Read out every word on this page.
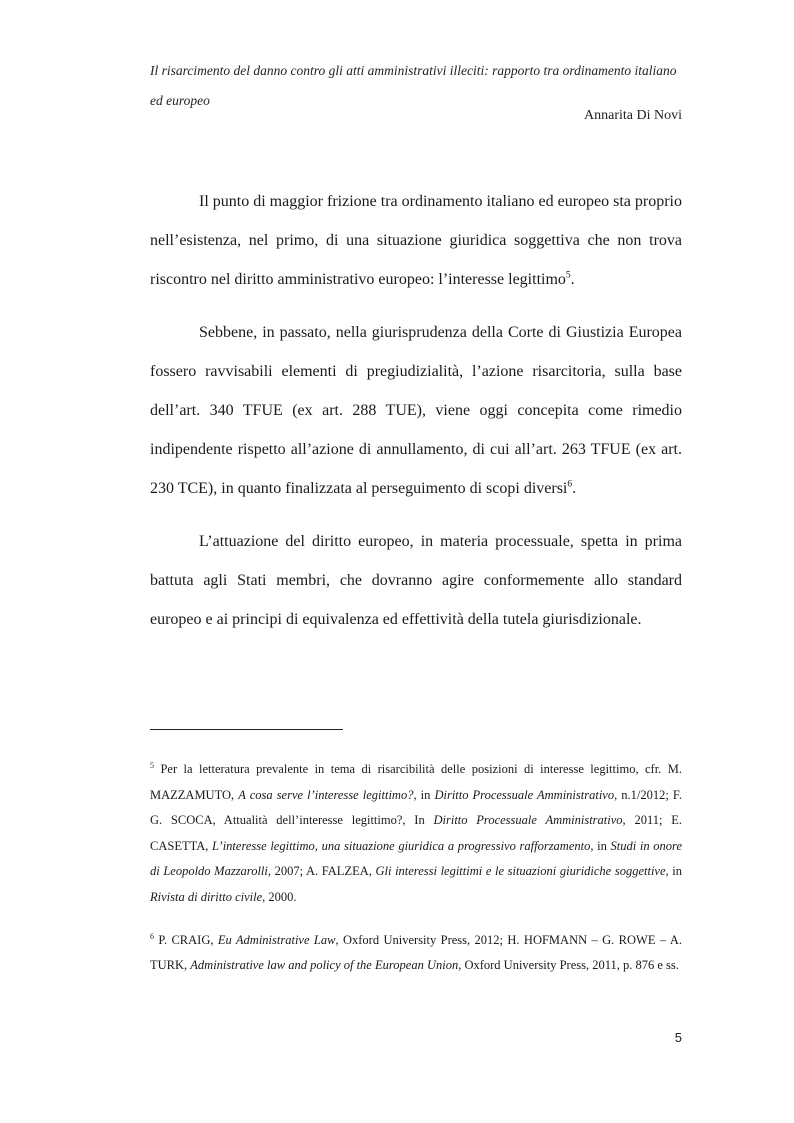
Il risarcimento del danno contro gli atti amministrativi illeciti: rapporto tra ordinamento italiano ed europeo
Annarita Di Novi

Il punto di maggior frizione tra ordinamento italiano ed europeo sta proprio nell’esistenza, nel primo, di una situazione giuridica soggettiva che non trova riscontro nel diritto amministrativo europeo: l’interesse legittimo$^5$.

Sebbene, in passato, nella giurisprudenza della Corte di Giustizia Europea fossero ravvisabili elementi di pregiudizialità, l’azione risarcitoria, sulla base dell’art. 340 TFUE (ex art. 288 TUE), viene oggi concepita come rimedio indipendente rispetto all’azione di annullamento, di cui all’art. 263 TFUE (ex art. 230 TCE), in quanto finalizzata al perseguimento di scopi diversi$^6$.

L’attuazione del diritto europeo, in materia processuale, spetta in prima battuta agli Stati membri, che dovranno agire conformemente allo standard europeo e ai principi di equivalenza ed effettività della tutela giurisdizionale.

$^5$ Per la letteratura prevalente in tema di risarcibilità delle posizioni di interesse legittimo, cfr. M. MAZZAMUTO, A cosa serve l’interesse legittimo?, in Diritto Processuale Amministrativo, n.1/2012; F. G. SCOCA, Attualità dell’interesse legittimo?, In Diritto Processuale Amministrativo, 2011; E. CASETTA, L’interesse legittimo, una situazione giuridica a progressivo rafforzamento, in Studi in onore di Leopoldo Mazzarolli, 2007; A. FALZEA, Gli interessi legittimi e le situazioni giuridiche soggettive, in Rivista di diritto civile, 2000.
$^6$ P. CRAIG, Eu Administrative Law, Oxford University Press, 2012; H. HOFMANN – G. ROWE – A. TURK, Administrative law and policy of the European Union, Oxford University Press, 2011, p. 876 e ss.
5
